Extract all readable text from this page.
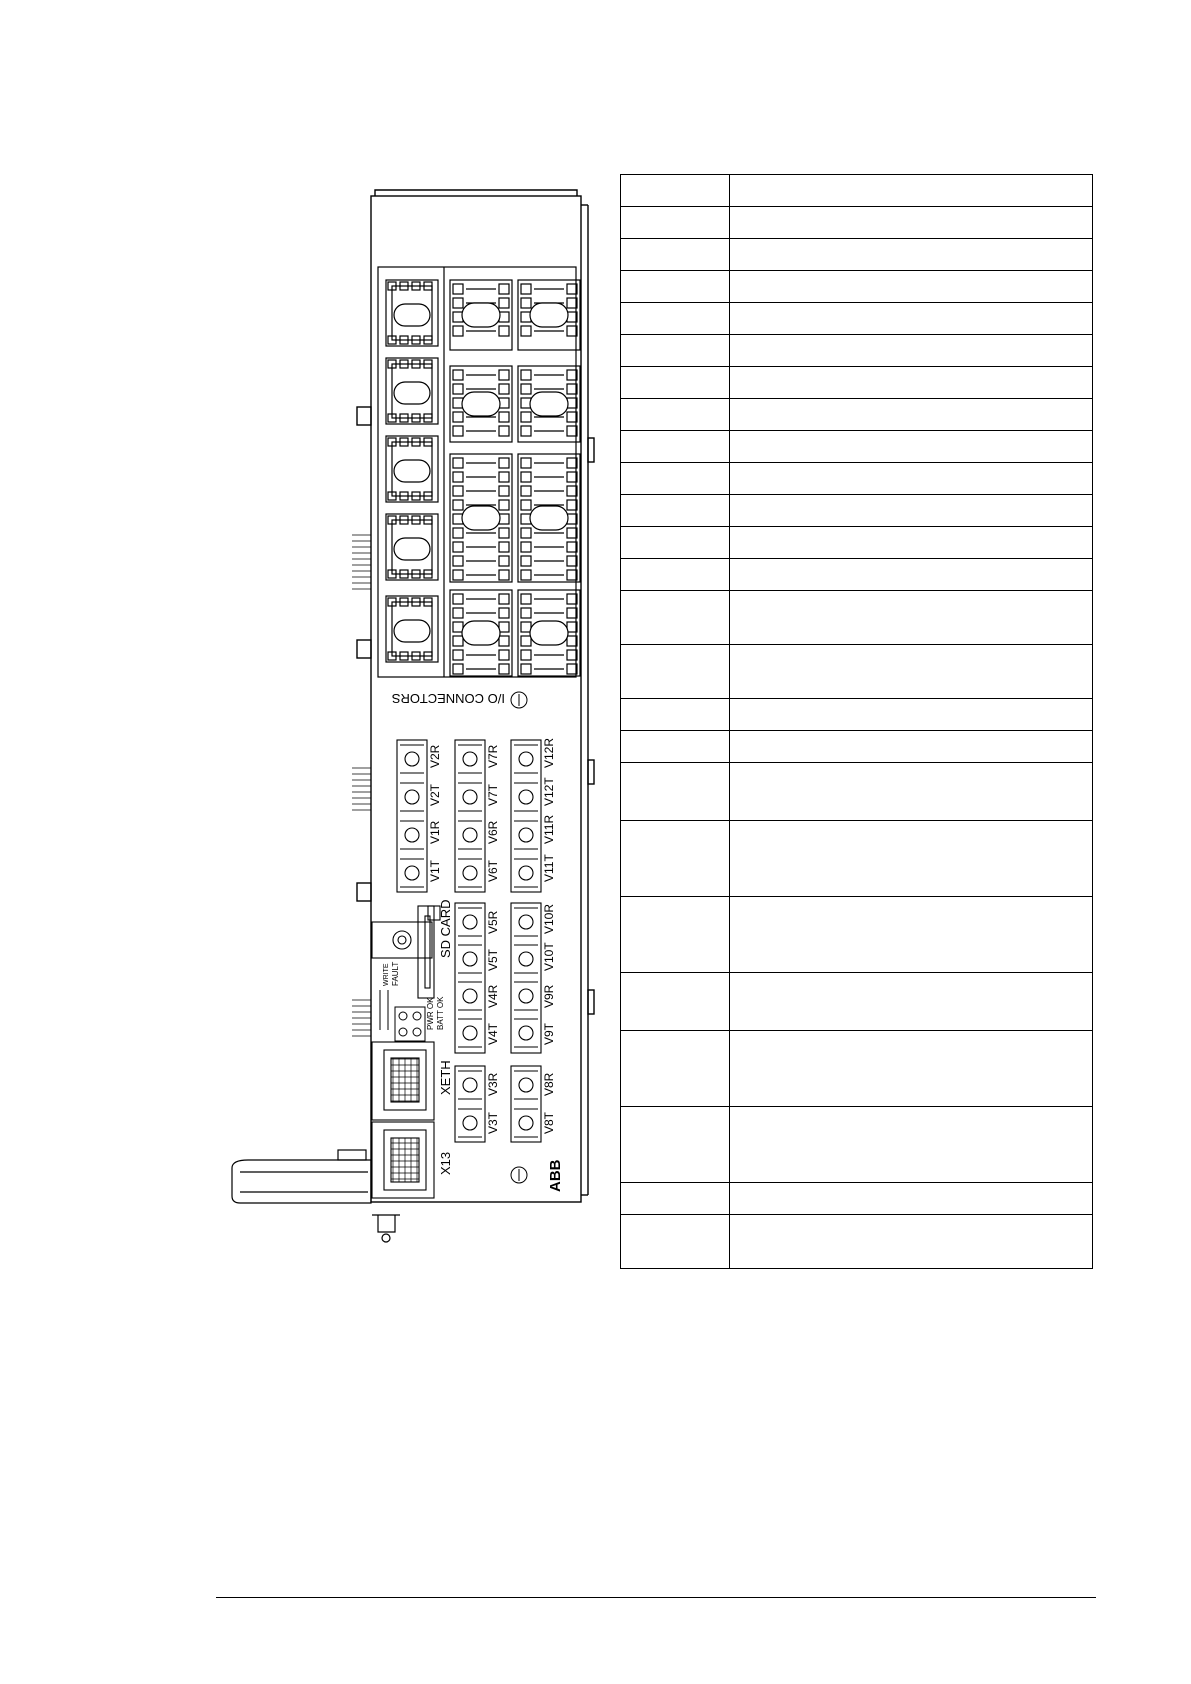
I/O CONNECTORS
V1T
V1R
V2T
V2R
V6T
V6R
V7T
V7R
V11T
V11R
V12T
V12R
V4T
V4R
V5T
V5R
V9T
V9R
V10T
V10R
V3T
V3R
V8T
V8R
SD CARD
FAULT
WRITE
PWR OK BATT OK
XETH
X13	ABB
